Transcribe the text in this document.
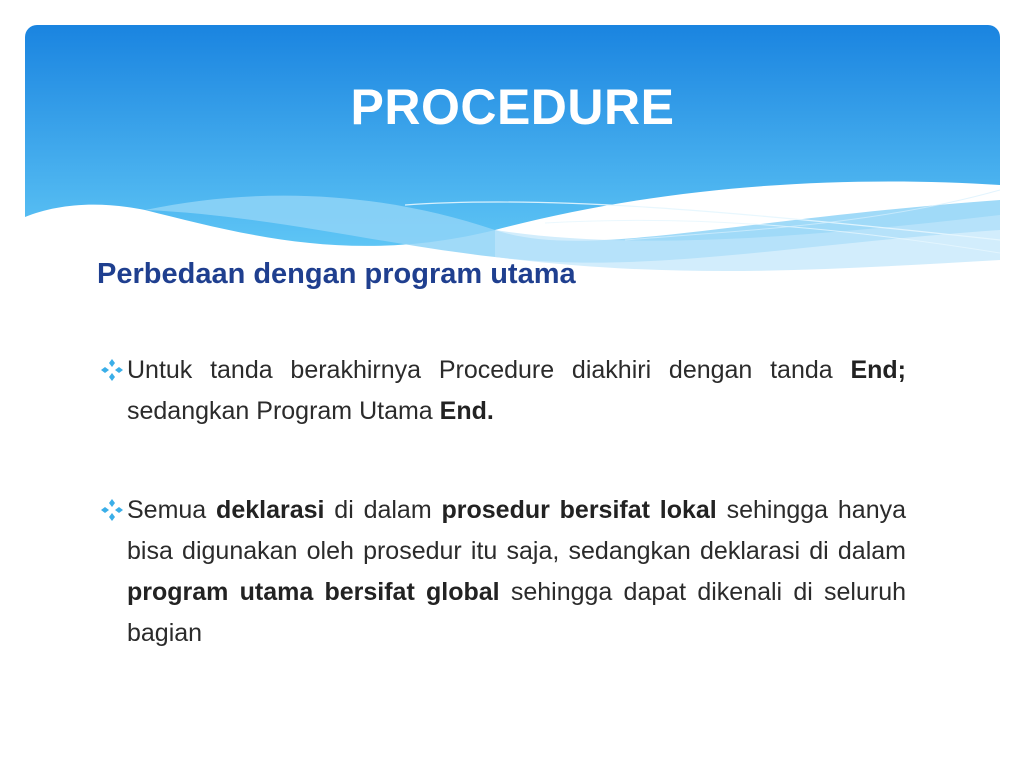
PROCEDURE
Perbedaan dengan program utama
Untuk tanda berakhirnya Procedure diakhiri dengan tanda End; sedangkan Program Utama End.
Semua deklarasi di dalam prosedur bersifat lokal sehingga hanya bisa digunakan oleh prosedur itu saja, sedangkan deklarasi di dalam program utama bersifat global sehingga dapat dikenali di seluruh bagian
